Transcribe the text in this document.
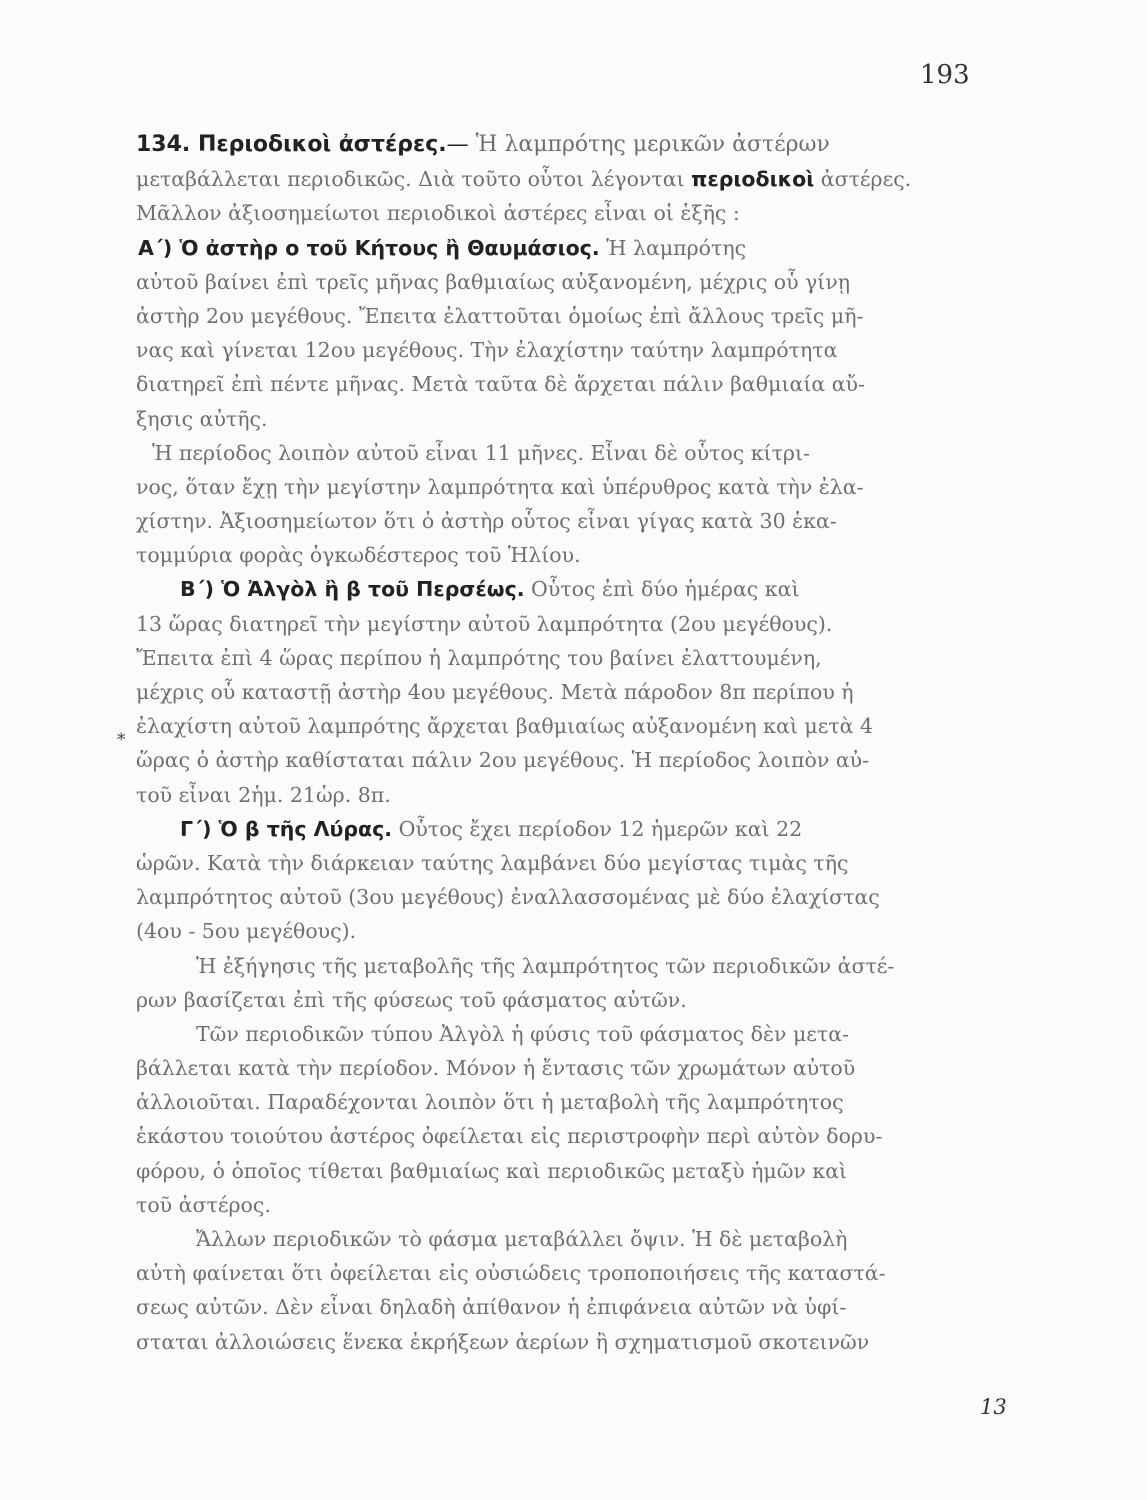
193
*
134. Περιοδικοὶ ἀστέρες.— Ἡ λαμπρότης μερικῶν ἀστέρων
μεταβάλλεται περιοδικῶς. Διὰ τοῦτο οὗτοι λέγονται περιοδικοὶ ἀστέρες.
Μᾶλλον ἀξιοσημείωτοι περιοδικοὶ ἀστέρες εἶναι οἱ ἑξῆς :
Α΄) Ὁ ἀστὴρ ο τοῦ Κήτους ἢ Θαυμάσιος. Ἡ λαμπρότης
αὐτοῦ βαίνει ἐπὶ τρεῖς μῆνας βαθμιαίως αὐξανομένη, μέχρις οὗ γίνῃ
ἀστὴρ 2ου μεγέθους. Ἔπειτα ἐλαττοῦται ὁμοίως ἐπὶ ἄλλους τρεῖς μῆ-
νας καὶ γίνεται 12ου μεγέθους. Τὴν ἐλαχίστην ταύτην λαμπρότητα
διατηρεῖ ἐπὶ πέντε μῆνας. Μετὰ ταῦτα δὲ ἄρχεται πάλιν βαθμιαία αὔ-
ξησις αὐτῆς.
Ἡ περίοδος λοιπὸν αὐτοῦ εἶναι 11 μῆνες. Εἶναι δὲ οὗτος κίτρι-
νος, ὅταν ἔχῃ τὴν μεγίστην λαμπρότητα καὶ ὑπέρυθρος κατὰ τὴν ἐλα-
χίστην. Ἀξιοσημείωτον ὅτι ὁ ἀστὴρ οὗτος εἶναι γίγας κατὰ 30 ἑκα-
τομμύρια φορὰς ὀγκωδέστερος τοῦ Ἡλίου.
Β΄) Ὁ Ἀλγὸλ ἢ β τοῦ Περσέως. Οὗτος ἐπὶ δύο ἡμέρας καὶ
13 ὥρας διατηρεῖ τὴν μεγίστην αὐτοῦ λαμπρότητα (2ου μεγέθους).
Ἔπειτα ἐπὶ 4 ὥρας περίπου ἡ λαμπρότης του βαίνει ἐλαττουμένη,
μέχρις οὗ καταστῇ ἀστὴρ 4ου μεγέθους. Μετὰ πάροδον 8π περίπου ἡ
ἐλαχίστη αὐτοῦ λαμπρότης ἄρχεται βαθμιαίως αὐξανομένη καὶ μετὰ 4
ὥρας ὁ ἀστὴρ καθίσταται πάλιν 2ου μεγέθους. Ἡ περίοδος λοιπὸν αὐ-
τοῦ εἶναι 2ἡμ. 21ὡρ. 8π.
Γ΄) Ὁ β τῆς Λύρας. Οὗτος ἔχει περίοδον 12 ἡμερῶν καὶ 22
ὡρῶν. Κατὰ τὴν διάρκειαν ταύτης λαμβάνει δύο μεγίστας τιμὰς τῆς
λαμπρότητος αὐτοῦ (3ου μεγέθους) ἐναλλασσομένας μὲ δύο ἐλαχίστας
(4ου - 5ου μεγέθους).
Ἡ ἐξήγησις τῆς μεταβολῆς τῆς λαμπρότητος τῶν περιοδικῶν ἀστέ-
ρων βασίζεται ἐπὶ τῆς φύσεως τοῦ φάσματος αὐτῶν.
Τῶν περιοδικῶν τύπου Ἀλγὸλ ἡ φύσις τοῦ φάσματος δὲν μετα-
βάλλεται κατὰ τὴν περίοδον. Μόνον ἡ ἔντασις τῶν χρωμάτων αὐτοῦ
ἀλλοιοῦται. Παραδέχονται λοιπὸν ὅτι ἡ μεταβολὴ τῆς λαμπρότητος
ἑκάστου τοιούτου ἀστέρος ὀφείλεται εἰς περιστροφὴν περὶ αὐτὸν δορυ-
φόρου, ὁ ὁποῖος τίθεται βαθμιαίως καὶ περιοδικῶς μεταξὺ ἡμῶν καὶ
τοῦ ἀστέρος.
Ἄλλων περιοδικῶν τὸ φάσμα μεταβάλλει ὄψιν. Ἡ δὲ μεταβολὴ
αὐτὴ φαίνεται ὅτι ὀφείλεται εἰς οὐσιώδεις τροποποιήσεις τῆς καταστά-
σεως αὐτῶν. Δὲν εἶναι δηλαδὴ ἀπίθανον ἡ ἐπιφάνεια αὐτῶν νὰ ὑφί-
σταται ἀλλοιώσεις ἕνεκα ἐκρήξεων ἀερίων ἢ σχηματισμοῦ σκοτεινῶν
13
